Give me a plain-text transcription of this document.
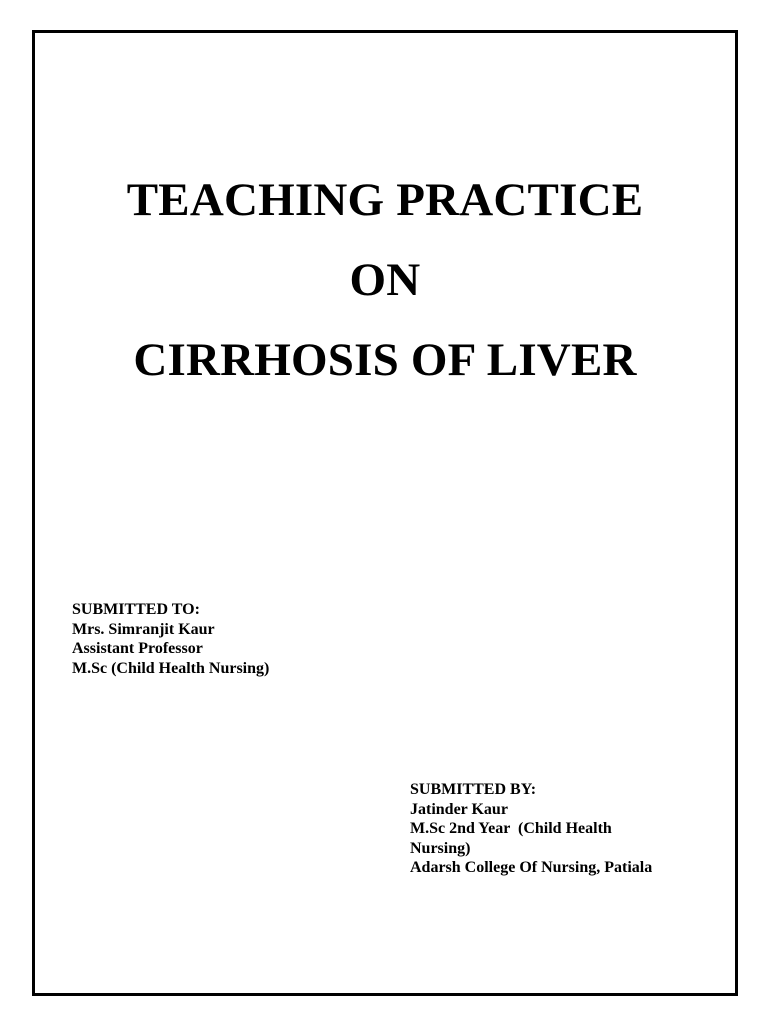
TEACHING PRACTICE
ON
CIRRHOSIS OF LIVER
SUBMITTED TO:
Mrs. Simranjit Kaur
Assistant Professor
M.Sc (Child Health Nursing)
SUBMITTED BY:
Jatinder Kaur
M.Sc 2nd Year  (Child Health
Nursing)
Adarsh College Of Nursing, Patiala
